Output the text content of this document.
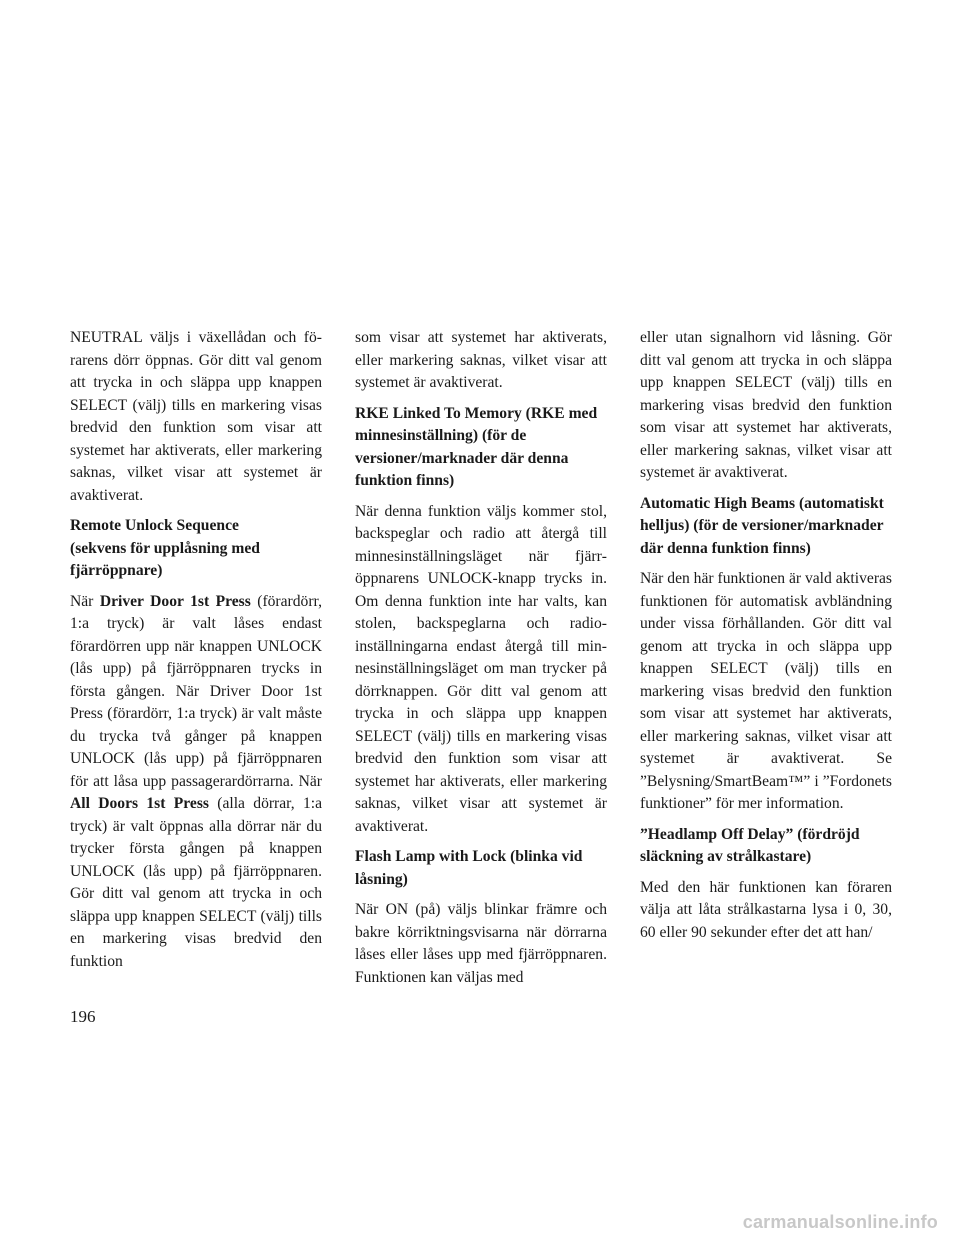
NEUTRAL väljs i växellådan och förarens dörr öppnas. Gör ditt val genom att trycka in och släppa upp knappen SELECT (välj) tills en markering visas bredvid den funktion som visar att systemet har aktiverats, eller markering saknas, vilket visar att systemet är avaktiverat.

Remote Unlock Sequence
(sekvens för upplåsning med fjärröppnare)

När Driver Door 1st Press (förardörr, 1:a tryck) är valt låses endast förardörren upp när knappen UNLOCK (lås upp) på fjärröppnaren trycks in första gången. När Driver Door 1st Press (förardörr, 1:a tryck) är valt måste du trycka två gånger på knappen UNLOCK (lås upp) på fjärröppnaren för att låsa upp passagerardörrarna. När All Doors 1st Press (alla dörrar, 1:a tryck) är valt öppnas alla dörrar när du trycker första gången på knappen UNLOCK (lås upp) på fjärröppnaren. Gör ditt val genom att trycka in och släppa upp knappen SELECT (välj) tills en markering visas bredvid den funktion

som visar att systemet har aktiverats, eller markering saknas, vilket visar att systemet är avaktiverat.

RKE Linked To Memory (RKE med minnesinställning) (för de versioner/marknader där denna funktion finns)

När denna funktion väljs kommer stol, backspeglar och radio att återgå till minnesinställningsläget när fjärröppnarens UNLOCK-knapp trycks in. Om denna funktion inte har valts, kan stolen, backspeglarna och radioinställningarna endast återgå till minnesinställningsläget om man trycker på dörrknappen. Gör ditt val genom att trycka in och släppa upp knappen SELECT (välj) tills en markering visas bredvid den funktion som visar att systemet har aktiverats, eller markering saknas, vilket visar att systemet är avaktiverat.

Flash Lamp with Lock (blinka vid låsning)

När ON (på) väljs blinkar främre och bakre körriktningsvisarna när dörrarna låses eller låses upp med fjärröppnaren. Funktionen kan väljas med

eller utan signalhorn vid låsning. Gör ditt val genom att trycka in och släppa upp knappen SELECT (välj) tills en markering visas bredvid den funktion som visar att systemet har aktiverats, eller markering saknas, vilket visar att systemet är avaktiverat.

Automatic High Beams (automatiskt helljus) (för de versioner/marknader där denna funktion finns)

När den här funktionen är vald aktiveras funktionen för automatisk avbländning under vissa förhållanden. Gör ditt val genom att trycka in och släppa upp knappen SELECT (välj) tills en markering visas bredvid den funktion som visar att systemet har aktiverats, eller markering saknas, vilket visar att systemet är avaktiverat. Se ”Belysning/SmartBeam™” i ”Fordonets funktioner” för mer information.

”Headlamp Off Delay” (fördröjd släckning av strålkastare)

Med den här funktionen kan föraren välja att låta strålkastarna lysa i 0, 30, 60 eller 90 sekunder efter det att han/

196
carmanualsonline.info
